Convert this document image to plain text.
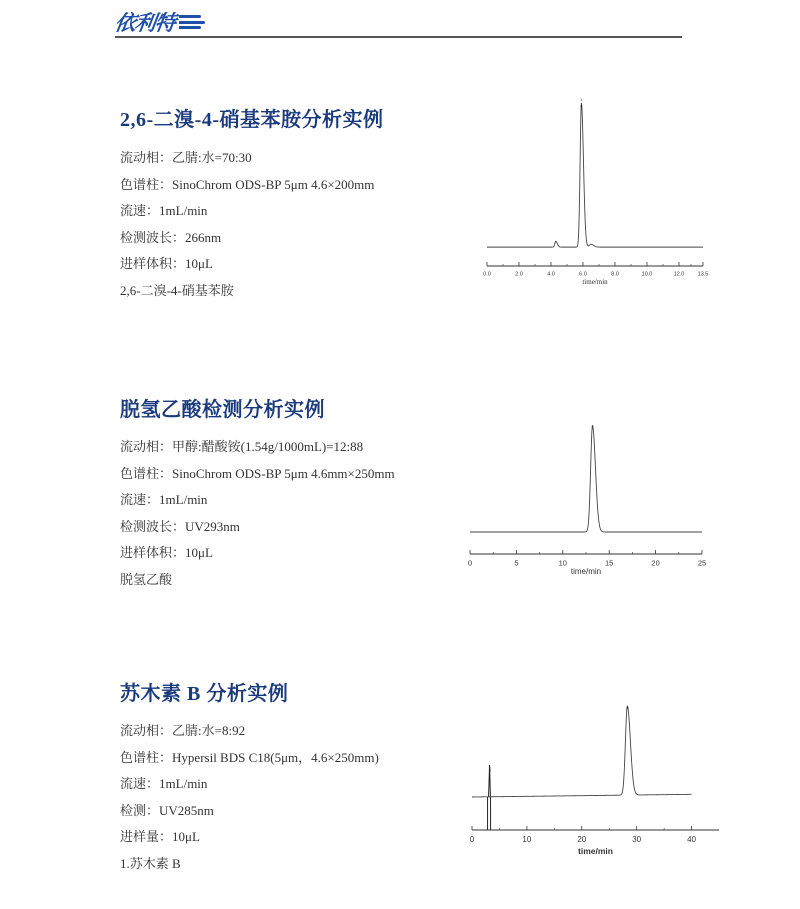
依利特
2,6-二溴-4-硝基苯胺分析实例
流动相 ： 乙腈:水=70:30
色谱柱 ： SinoChrom ODS-BP 5μm 4.6×200mm
流速 ： 1mL/min
检测波长 ： 266nm
进样体积 ： 10μL
2,6-二溴-4-硝基苯胺
0.0	2.0	4.0	6.0	8.0	10.0	12.0 13.5
time/min
1
脱氢乙酸检测分析实例
流动相 ： 甲醇:醋酸铵(1.54g/1000mL)=12:88
色谱柱 ： SinoChrom ODS-BP 5μm 4.6mm×250mm
流速 ： 1mL/min
检测波长 ： UV293nm
进样体积 ： 10μL
脱氢乙酸
0	5	10	15	20	25
time/min
苏木素 B 分析实例
流动相 ： 乙腈:水=8:92
色谱柱 ： Hypersil BDS C18(5μm，4.6×250mm)
流速 ： 1mL/min
检测 ： UV285nm
进样量 ： 10μL
1.苏木素 B
0	10	20	30	40
time/min
